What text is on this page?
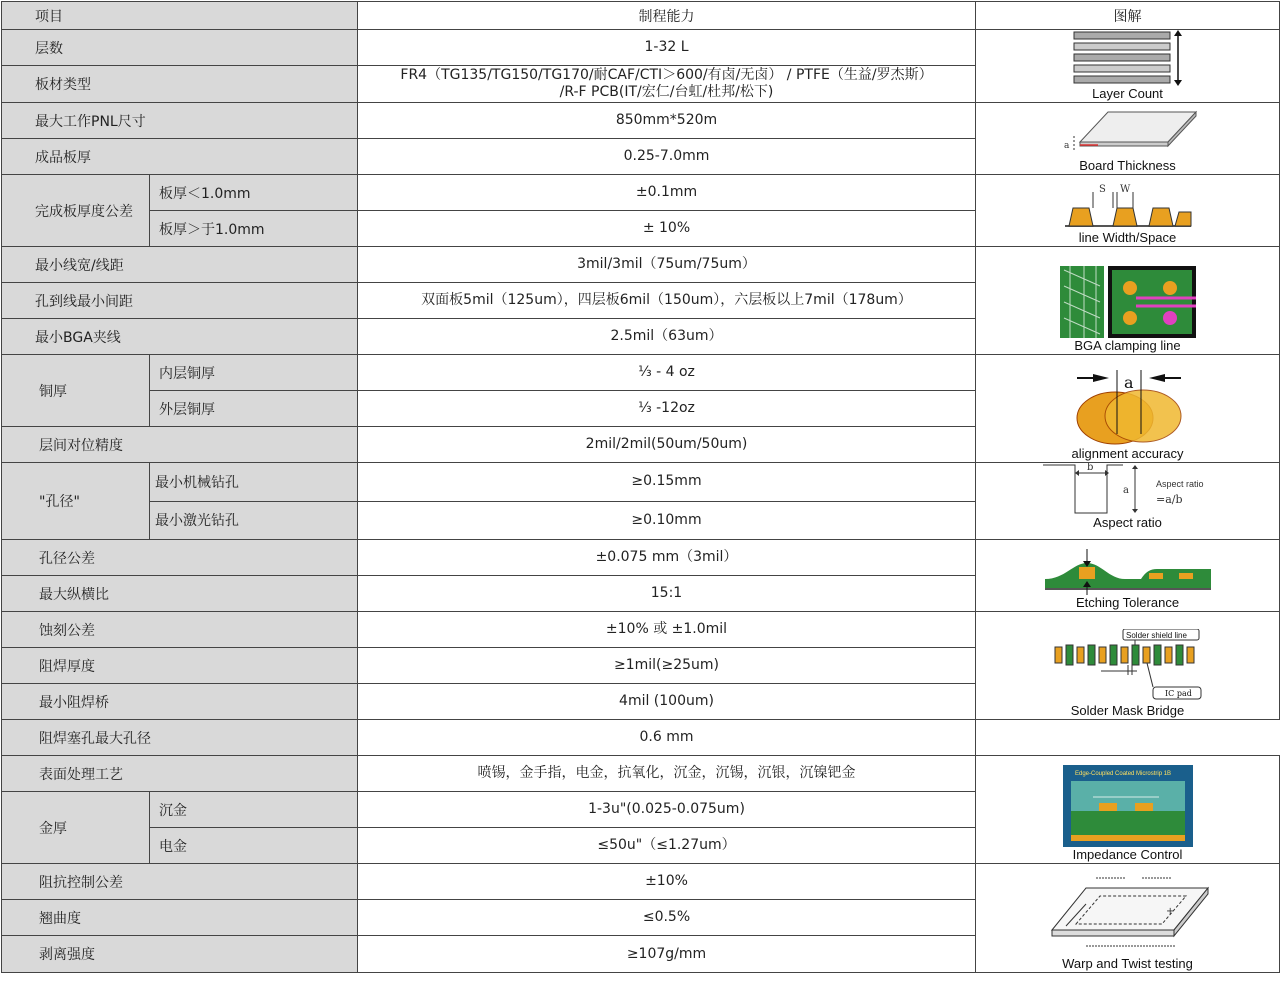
项目		制程能力	图解
层数		1-32 L	Layer Count

板材类型		FR4（TG135/TG150/TG170/耐CAF/CTI＞600/有卤/无卤） / PTFE（生益/罗杰斯）
/R-F PCB(IT/宏仁/台虹/杜邦/松下)	

最大工作PNL尺寸		850mm*520m	a
Board Thickness

成品板厚		0.25-7.0mm	
完成板厚度公差	板厚＜1.0mm	±0.1mm	S W
line Width/Space

	板厚＞于1.0mm	± 10%	
最小线宽/线距		3mil/3mil（75um/75um）	BGA clamping line

孔到线最小间距		双面板5mil（125um），四层板6mil（150um），六层板以上7mil（178um）	
最小BGA夹线		2.5mil（63um）	
铜厚	内层铜厚	⅓ - 4 oz	a
alignment accuracy

	外层铜厚	⅓ -12oz	
层间对位精度		2mil/2mil(50um/50um)	
"孔径"	最小机械钻孔	≥0.15mm	b
a
Aspect ratio
=a/b
Aspect ratio

	最小激光钻孔	≥0.10mm	
孔径公差		±0.075 mm（3mil）	Etching Tolerance

最大纵横比		15:1	
蚀刻公差		±10% 或 ±1.0mil	Solder shield line
IC pad
Solder Mask Bridge

阻焊厚度		≥1mil(≥25um)	
最小阻焊桥		4mil (100um)	
阻焊塞孔最大孔径		0.6 mm	
表面处理工艺		喷锡，金手指，电金，抗氧化，沉金，沉锡，沉银，沉镍钯金	Edge-Coupled Coated Microstrip 1B
Impedance Control

金厚	沉金	1-3u"(0.025-0.075um)	
	电金	≤50u"（≤1.27um）	
阻抗控制公差		±10%	+
Warp and Twist testing

翘曲度		≤0.5%	
剥离强度		≥107g/mm	
